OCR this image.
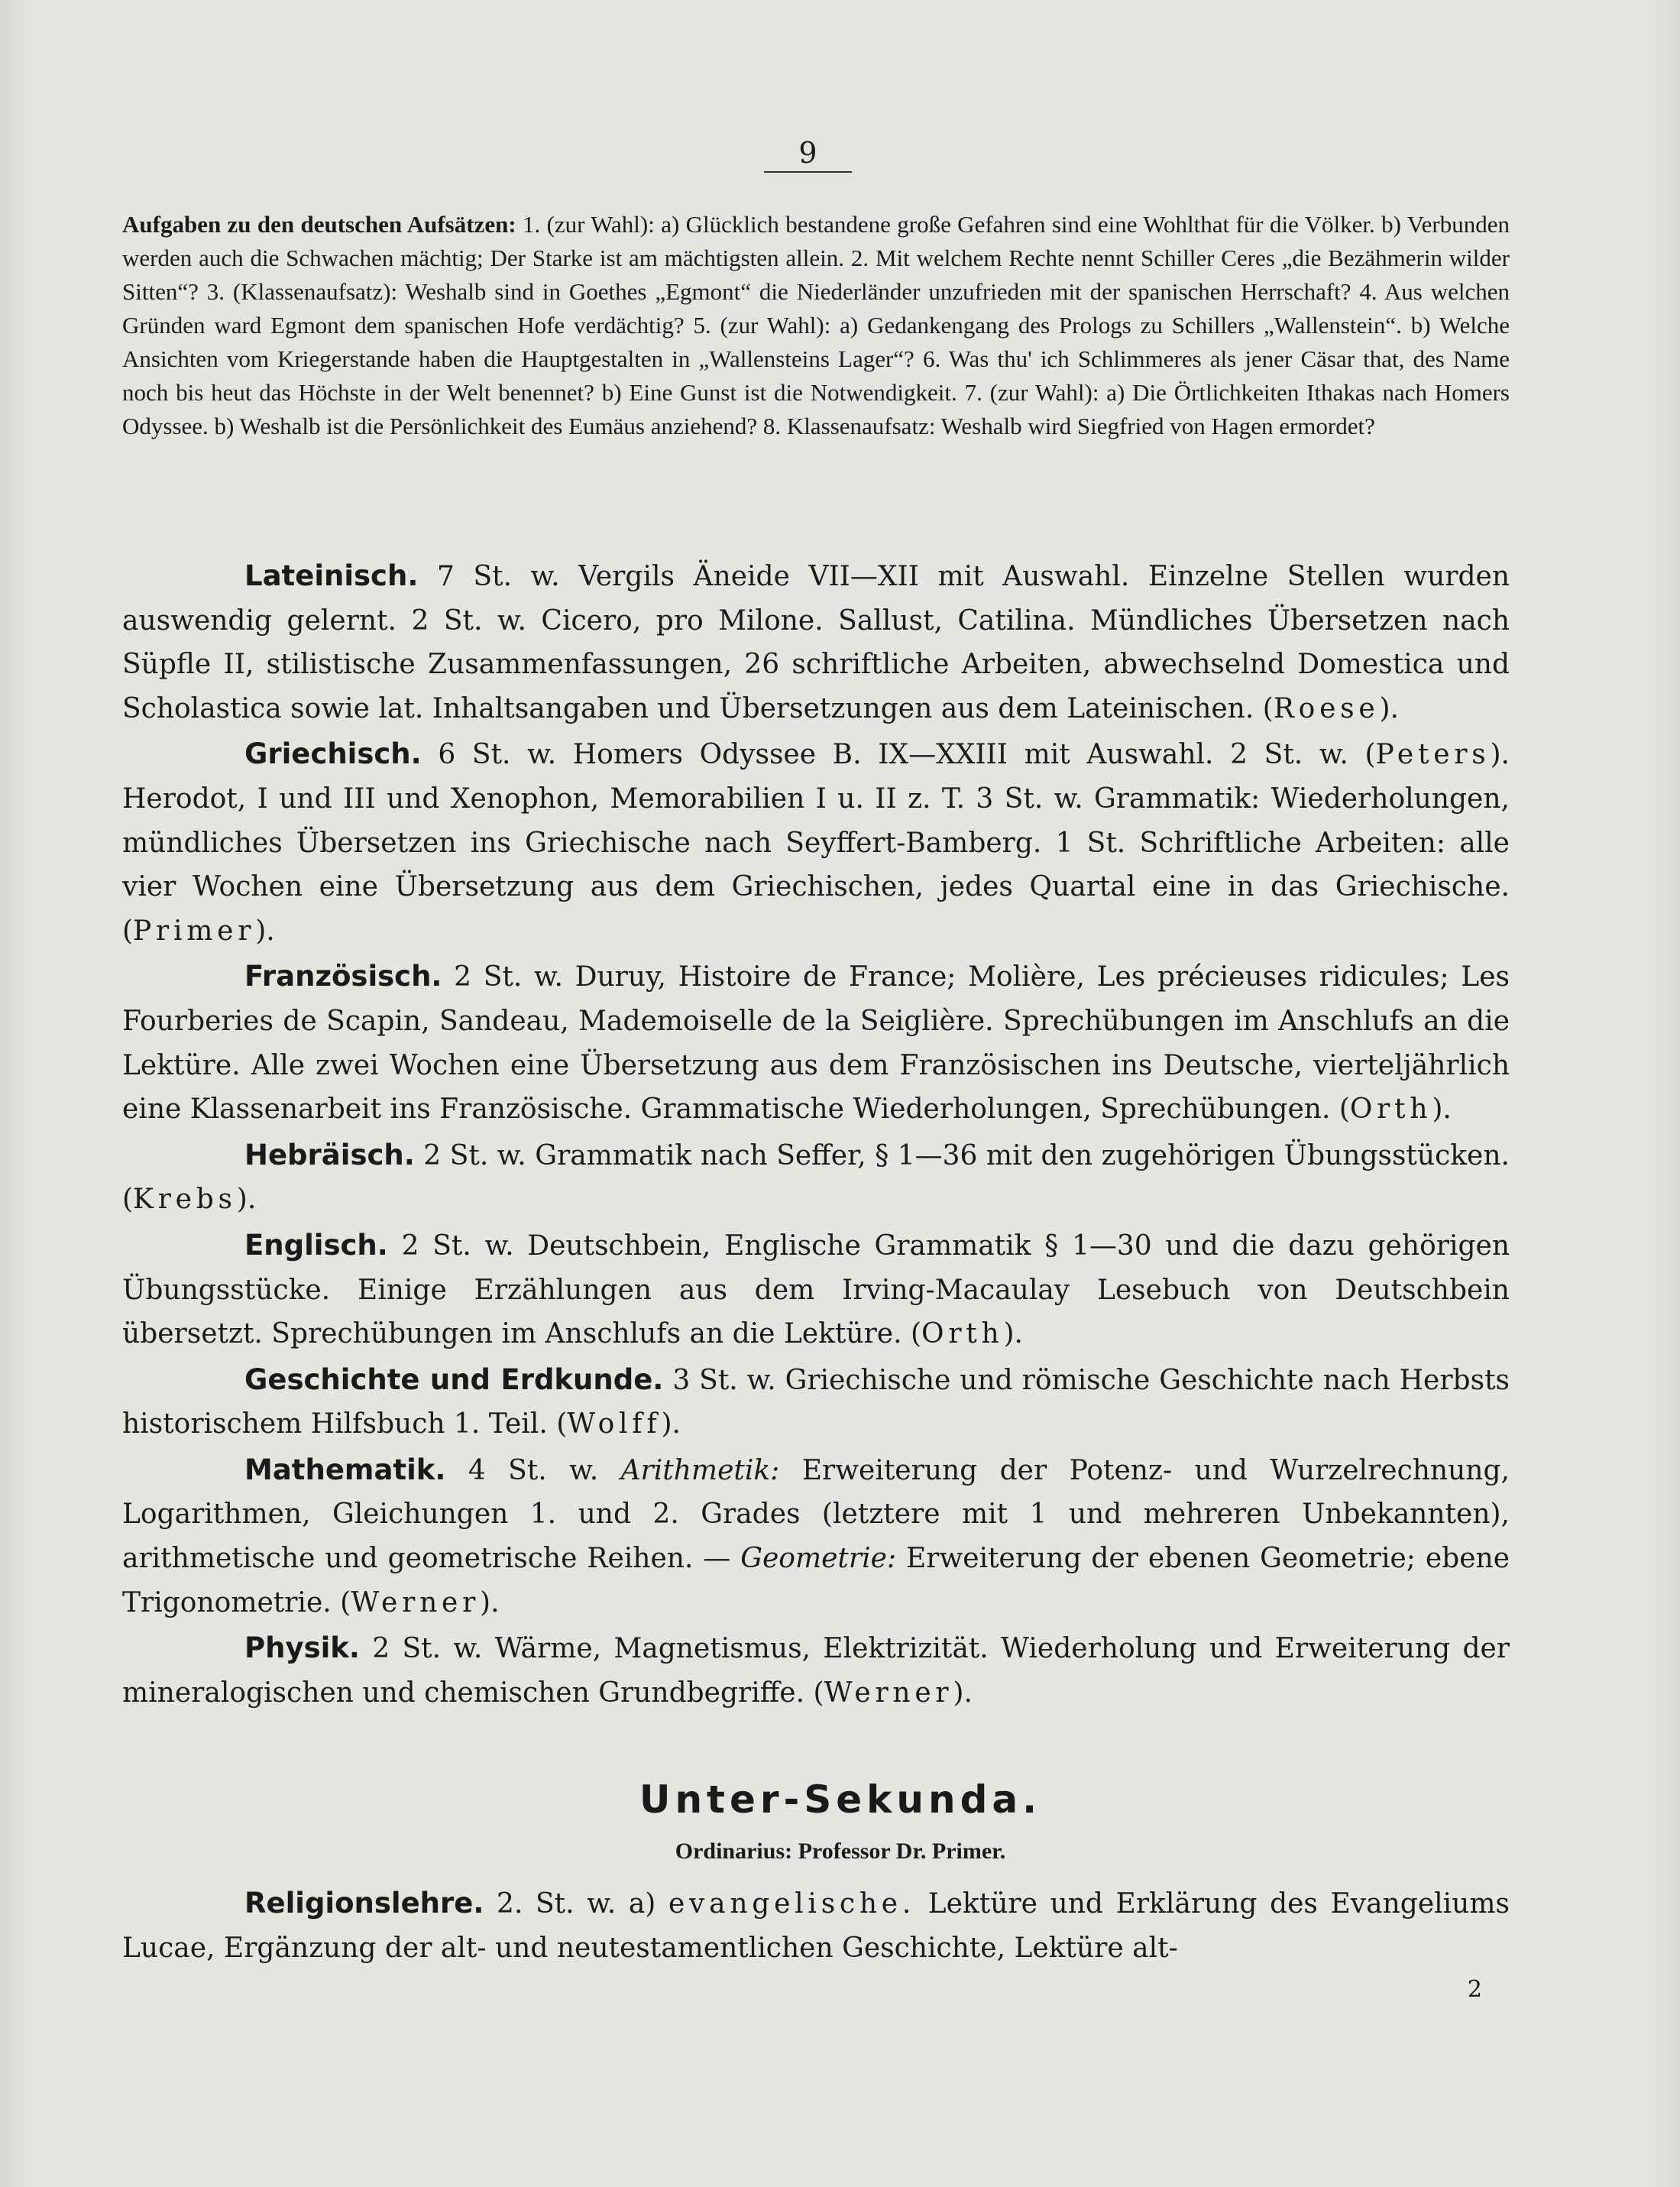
9
Aufgaben zu den deutschen Aufsätzen: 1. (zur Wahl): a) Glücklich bestandene große Gefahren sind eine Wohlthat für die Völker. b) Verbunden werden auch die Schwachen mächtig; Der Starke ist am mächtigsten allein. 2. Mit welchem Rechte nennt Schiller Ceres „die Bezähmerin wilder Sitten“? 3. (Klassenaufsatz): Weshalb sind in Goethes „Egmont“ die Niederländer unzufrieden mit der spanischen Herrschaft? 4. Aus welchen Gründen ward Egmont dem spanischen Hofe verdächtig? 5. (zur Wahl): a) Gedankengang des Prologs zu Schillers „Wallenstein“. b) Welche Ansichten vom Kriegerstande haben die Hauptgestalten in „Wallensteins Lager“? 6. Was thu' ich Schlimmeres als jener Cäsar that, des Name noch bis heut das Höchste in der Welt benennet? b) Eine Gunst ist die Notwendigkeit. 7. (zur Wahl): a) Die Örtlichkeiten Ithakas nach Homers Odyssee. b) Weshalb ist die Persönlichkeit des Eumäus anziehend? 8. Klassenaufsatz: Weshalb wird Siegfried von Hagen ermordet?

Lateinisch. 7 St. w. Vergils Äneide VII—XII mit Auswahl. Einzelne Stellen wurden auswendig gelernt. 2 St. w. Cicero, pro Milone. Sallust, Catilina. Mündliches Übersetzen nach Süpfle II, stilistische Zusammenfassungen, 26 schriftliche Arbeiten, abwechselnd Domestica und Scholastica sowie lat. Inhaltsangaben und Übersetzungen aus dem Lateinischen. (Roese).

Griechisch. 6 St. w. Homers Odyssee B. IX—XXIII mit Auswahl. 2 St. w. (Peters). Herodot, I und III und Xenophon, Memorabilien I u. II z. T. 3 St. w. Grammatik: Wiederholungen, mündliches Übersetzen ins Griechische nach Seyffert-Bamberg. 1 St. Schriftliche Arbeiten: alle vier Wochen eine Übersetzung aus dem Griechischen, jedes Quartal eine in das Griechische. (Primer).

Französisch. 2 St. w. Duruy, Histoire de France; Molière, Les précieuses ridicules; Les Fourberies de Scapin, Sandeau, Mademoiselle de la Seiglière. Sprechübungen im Anschlufs an die Lektüre. Alle zwei Wochen eine Übersetzung aus dem Französischen ins Deutsche, vierteljährlich eine Klassenarbeit ins Französische. Grammatische Wiederholungen, Sprechübungen. (Orth).

Hebräisch. 2 St. w. Grammatik nach Seffer, § 1—36 mit den zugehörigen Übungsstücken. (Krebs).

Englisch. 2 St. w. Deutschbein, Englische Grammatik § 1—30 und die dazu gehörigen Übungsstücke. Einige Erzählungen aus dem Irving-Macaulay Lesebuch von Deutschbein übersetzt. Sprechübungen im Anschlufs an die Lektüre. (Orth).

Geschichte und Erdkunde. 3 St. w. Griechische und römische Geschichte nach Herbsts historischem Hilfsbuch 1. Teil. (Wolff).

Mathematik. 4 St. w. Arithmetik: Erweiterung der Potenz- und Wurzelrechnung, Logarithmen, Gleichungen 1. und 2. Grades (letztere mit 1 und mehreren Unbekannten), arithmetische und geometrische Reihen. — Geometrie: Erweiterung der ebenen Geometrie; ebene Trigonometrie. (Werner).

Physik. 2 St. w. Wärme, Magnetismus, Elektrizität. Wiederholung und Erweiterung der mineralogischen und chemischen Grundbegriffe. (Werner).

Unter-Sekunda.
Ordinarius: Professor Dr. Primer.

Religionslehre. 2. St. w. a) evangelische. Lektüre und Erklärung des Evangeliums Lucae, Ergänzung der alt- und neutestamentlichen Geschichte, Lektüre alt-

2
